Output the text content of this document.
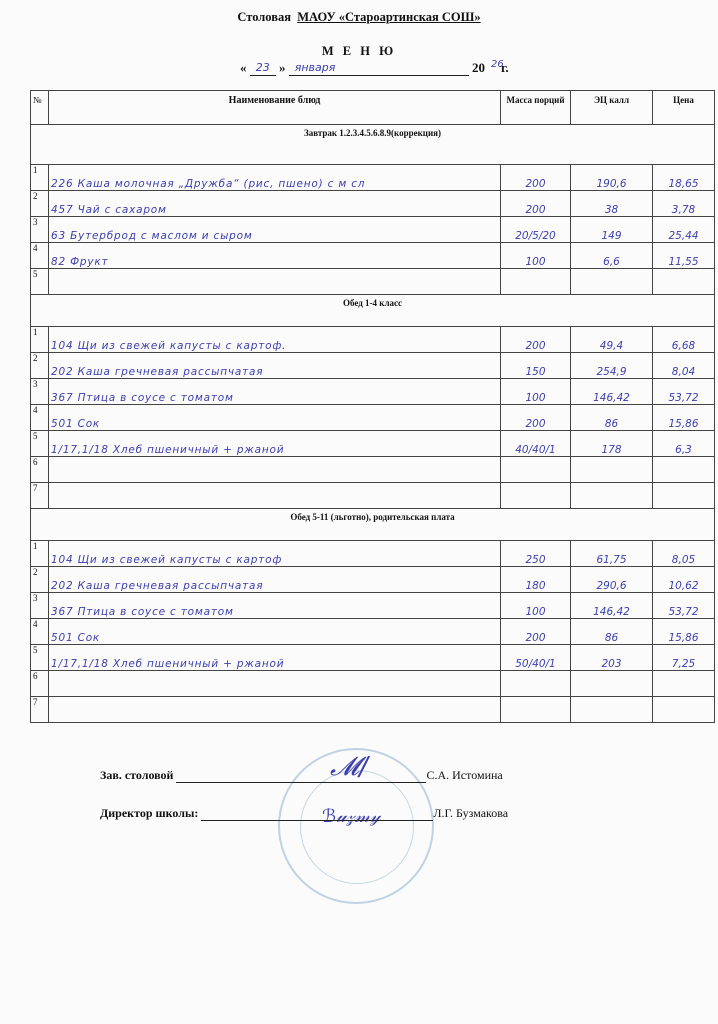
Столовая МАОУ «Староартинская СОШ»
М Е Н Ю
« 23 » января	20 $^{26}$ г.
№	Наименование блюд	Масса порций	ЭЦ калл	Цена
Завтрак 1.2.3.4.5.6.8.9(коррекция)				
1	226 Каша молочная „Дружба“ (рис, пшено) с м сл	200	190,6	18,65
2	457 Чай с сахаром	200	38	3,78
3	63 Бутерброд с маслом и сыром	20/5/20	149	25,44
4	82 Фрукт	100	6,6	11,55
5				
Обед 1-4 класс				
1	104 Щи из свежей капусты с картоф.	200	49,4	6,68
2	202 Каша гречневая рассыпчатая	150	254,9	8,04
3	367 Птица в соусе с томатом	100	146,42	53,72
4	501 Сок	200	86	15,86
5	1/17,1/18 Хлеб пшеничный + ржаной	40/40/1	178	6,3
6				
7				
Обед 5-11 (льготно), родительская плата				
1	104 Щи из свежей капусты с картоф	250	61,75	8,05
2	202 Каша гречневая рассыпчатая	180	290,6	10,62
3	367 Птица в соусе с томатом	100	146,42	53,72
4	501 Сок	200	86	15,86
5	1/17,1/18 Хлеб пшеничный + ржаной	50/40/1	203	7,25
6				
7				
𝓜/
ℬ𝓊𝓏𝓂𝓎
Зав. столовой	С.А. Истомина
Директор школы:	Л.Г. Бузмакова
